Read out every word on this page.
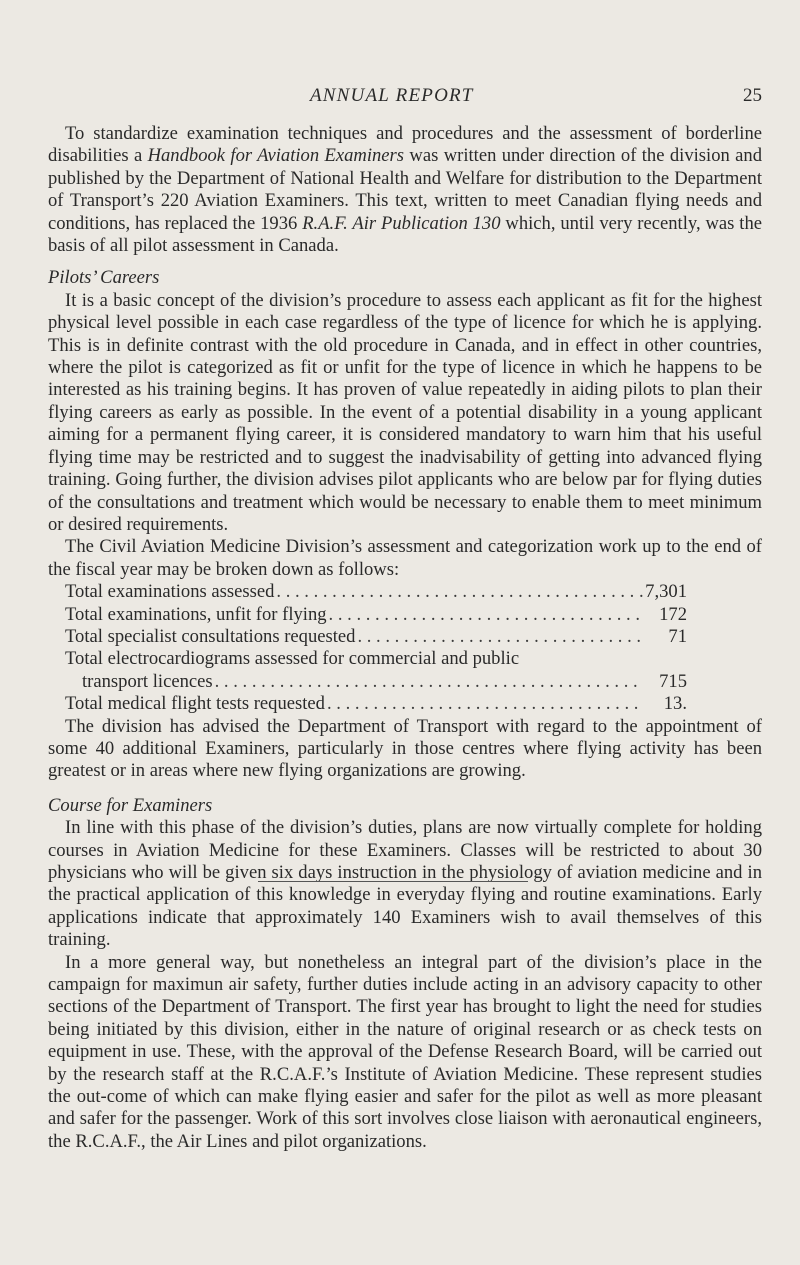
ANNUAL REPORT	25

To standardize examination techniques and procedures and the assessment of borderline disabilities a Handbook for Aviation Examiners was written under direction of the division and published by the Department of National Health and Welfare for distribution to the Department of Transport’s 220 Aviation Examiners. This text, written to meet Canadian flying needs and conditions, has replaced the 1936 R.A.F. Air Publication 130 which, until very recently, was the basis of all pilot assessment in Canada.

Pilots’ Careers

It is a basic concept of the division’s procedure to assess each applicant as fit for the highest physical level possible in each case regardless of the type of licence for which he is applying. This is in definite contrast with the old procedure in Canada, and in effect in other countries, where the pilot is categorized as fit or unfit for the type of licence in which he happens to be interested as his training begins. It has proven of value repeatedly in aiding pilots to plan their flying careers as early as possible. In the event of a potential disability in a young applicant aiming for a permanent flying career, it is considered mandatory to warn him that his useful flying time may be restricted and to suggest the inadvisability of getting into advanced flying training. Going further, the division advises pilot applicants who are below par for flying duties of the consultations and treatment which would be necessary to enable them to meet minimum or desired requirements.

The Civil Aviation Medicine Division’s assessment and categorization work up to the end of the fiscal year may be broken down as follows:

Total examinations assessed . . .	7,301
Total examinations, unfit for flying . . .	172
Total specialist consultations requested . . .	71
Total electrocardiograms assessed for commercial and public
transport licences . . .	715
Total medical flight tests requested . . .	13.

The division has advised the Department of Transport with regard to the appointment of some 40 additional Examiners, particularly in those centres where flying activity has been greatest or in areas where new flying organizations are growing.

Course for Examiners

In line with this phase of the division’s duties, plans are now virtually complete for holding courses in Aviation Medicine for these Examiners. Classes will be restricted to about 30 physicians who will be given six days instruction in the physiology of aviation medicine and in the practical application of this knowledge in everyday flying and routine examinations. Early applications indicate that approximately 140 Examiners wish to avail themselves of this training.

In a more general way, but nonetheless an integral part of the division’s place in the campaign for maximun air safety, further duties include acting in an advisory capacity to other sections of the Department of Transport. The first year has brought to light the need for studies being initiated by this division, either in the nature of original research or as check tests on equipment in use. These, with the approval of the Defense Research Board, will be carried out by the research staff at the R.C.A.F.’s Institute of Aviation Medicine. These represent studies the out-come of which can make flying easier and safer for the pilot as well as more pleasant and safer for the passenger. Work of this sort involves close liaison with aeronautical engineers, the R.C.A.F., the Air Lines and pilot organizations.
